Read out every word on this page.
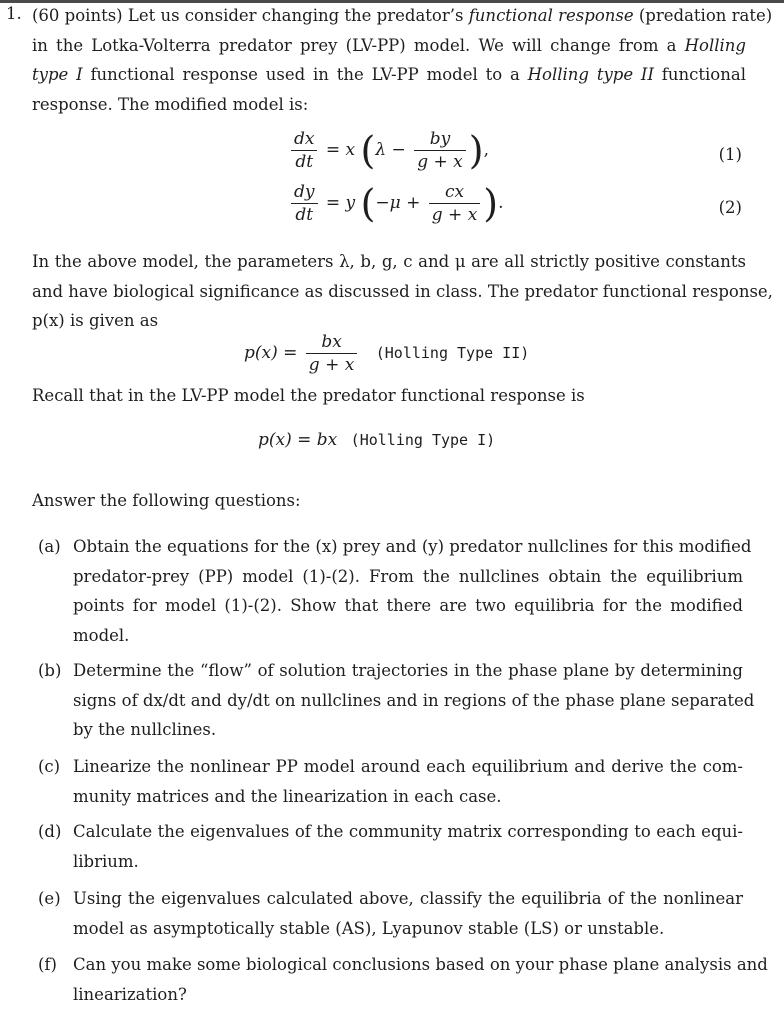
1. (60 points) Let us consider changing the predator’s functional response (predation rate)
in the Lotka-Volterra predator prey (LV-PP) model. We will change from a Holling
type I functional response used in the LV-PP model to a Holling type II functional
response. The modified model is:
$\frac{dx}{dt} = x$ ($\lambda - \frac{by}{g + x}$ ),	(1)
$\frac{dy}{dt} = y$ ($-\mu + \frac{cx}{g + x}$ ).	(2)
In the above model, the parameters λ, b, g, c and μ are all strictly positive constants
and have biological significance as discussed in class. The predator functional response,
p(x) is given as
$p(x) = \frac{bx}{g + x}$ (Holling Type II)
Recall that in the LV-PP model the predator functional response is
p(x) = bx (Holling Type I)
Answer the following questions:
(a) Obtain the equations for the (x) prey and (y) predator nullclines for this modified
predator-prey (PP) model (1)-(2). From the nullclines obtain the equilibrium
points for model (1)-(2). Show that there are two equilibria for the modified
model.
(b) Determine the “flow” of solution trajectories in the phase plane by determining
signs of dx/dt and dy/dt on nullclines and in regions of the phase plane separated
by the nullclines.
(c) Linearize the nonlinear PP model around each equilibrium and derive the com-
munity matrices and the linearization in each case.
(d) Calculate the eigenvalues of the community matrix corresponding to each equi-
librium.
(e) Using the eigenvalues calculated above, classify the equilibria of the nonlinear
model as asymptotically stable (AS), Lyapunov stable (LS) or unstable.
(f) Can you make some biological conclusions based on your phase plane analysis and
linearization?
